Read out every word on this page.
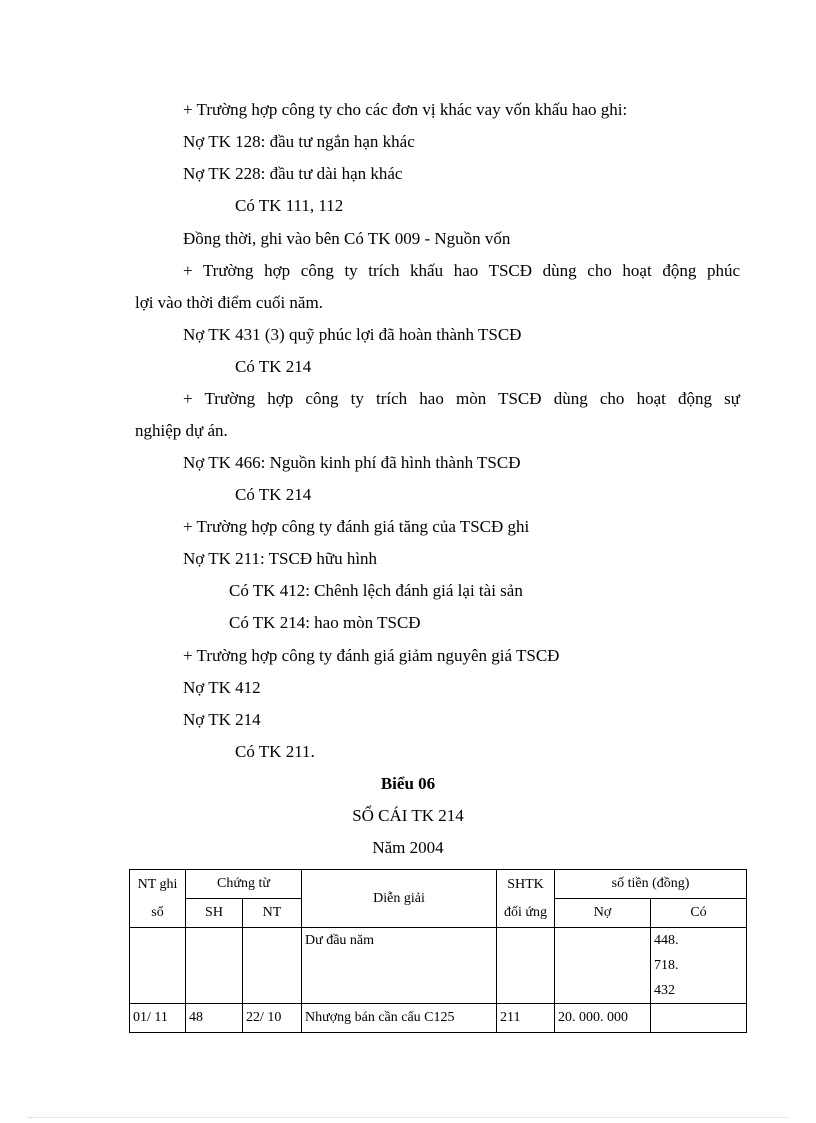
+ Trường hợp công ty cho các đơn vị khác vay vốn khấu hao ghi:
Nợ TK 128: đầu tư ngắn hạn khác
Nợ TK 228: đầu tư dài hạn khác
Có TK 111, 112
Đồng thời, ghi vào bên Có TK 009 - Nguồn vốn
+ Trường hợp công ty trích khấu hao TSCĐ dùng cho hoạt động phúc
lợi vào thời điểm cuối năm.
Nợ TK 431 (3) quỹ phúc lợi đã hoàn thành TSCĐ
Có TK 214
+ Trường hợp công ty trích hao mòn TSCĐ dùng cho hoạt động sự
nghiệp dự án.
Nợ TK 466: Nguồn kinh phí đã hình thành TSCĐ
Có TK 214
+ Trường hợp công ty đánh giá tăng của TSCĐ ghi
Nợ TK 211: TSCĐ hữu hình
Có TK 412: Chênh lệch đánh giá lại tài sản
Có TK 214: hao mòn TSCĐ
+ Trường hợp công ty đánh giá giảm nguyên giá TSCĐ
Nợ TK 412
Nợ TK 214
Có TK 211.
Biểu 06
SỔ CÁI TK 214
Năm 2004
NT ghi sổ	Chứng từ		Diễn giải	SHTK đối ứng	số tiền (đồng)	
	SH	NT			Nợ	Có
			Dư đầu năm			448. 718. 432

01/ 11	48	22/ 10	Nhượng bán cần cẩu C125	211	20. 000. 000	
